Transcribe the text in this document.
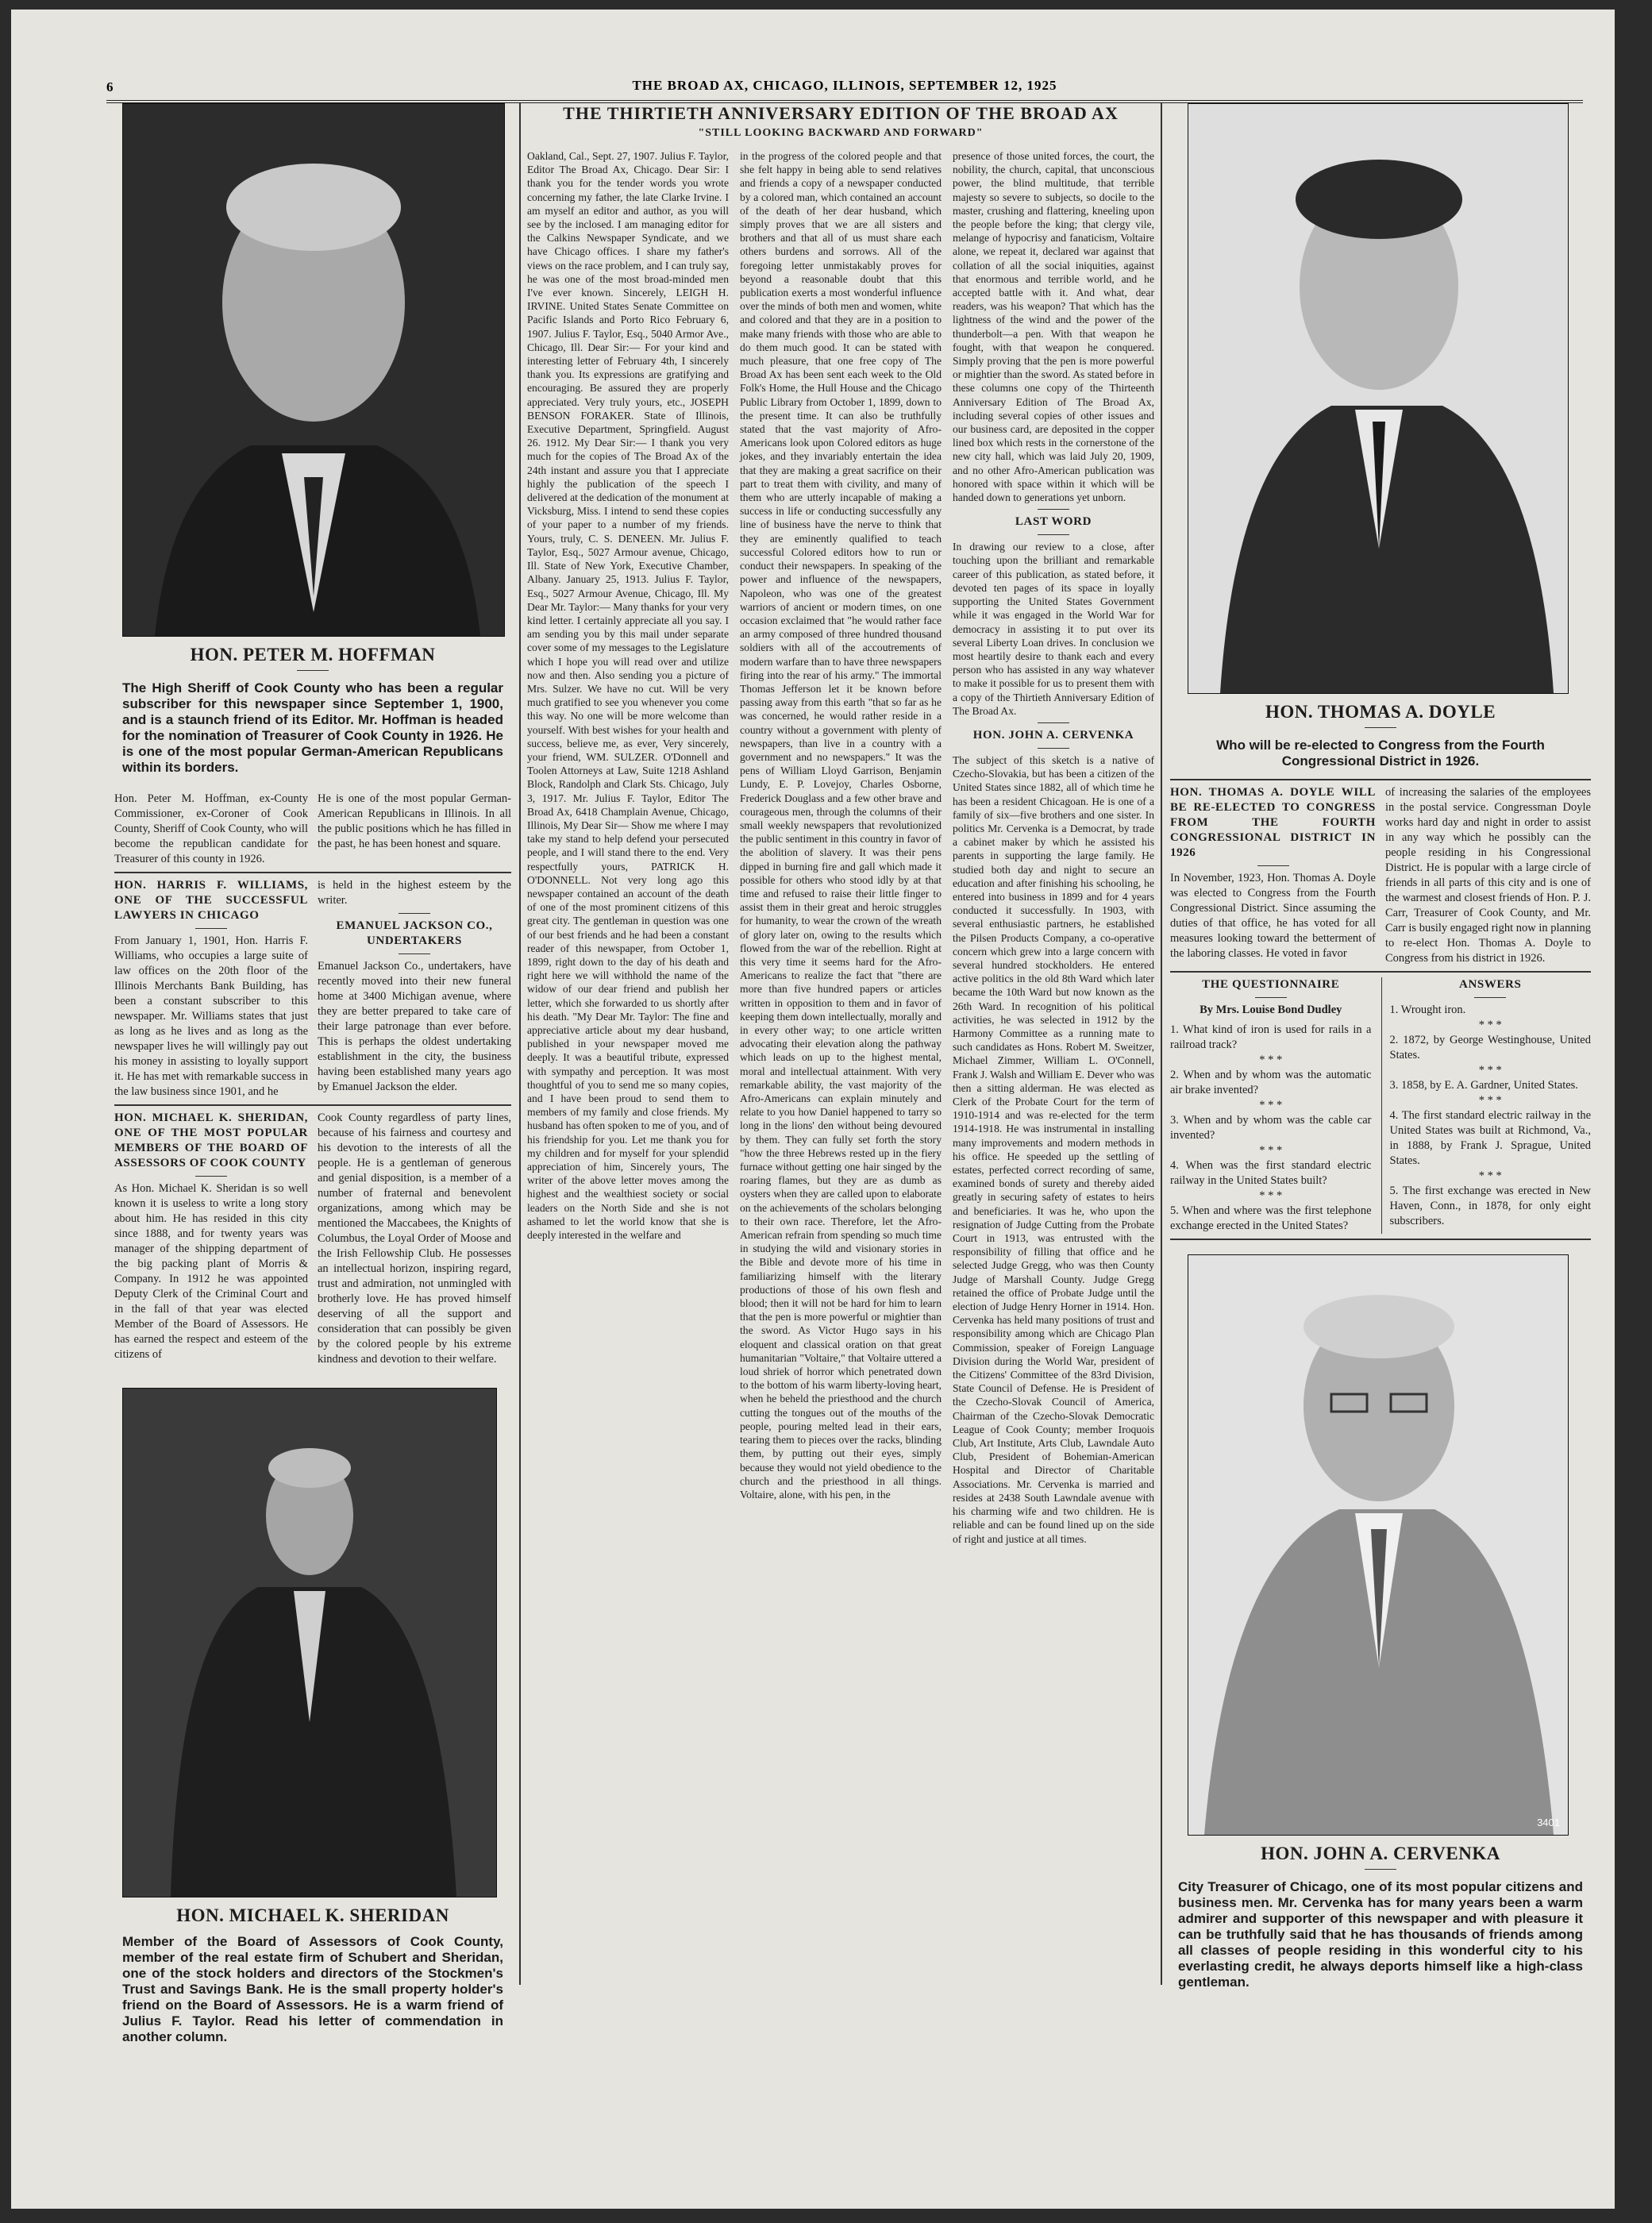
6	THE BROAD AX, CHICAGO, ILLINOIS, SEPTEMBER 12, 1925
HON. PETER M. HOFFMAN
The High Sheriff of Cook County who has been a regular subscriber for this newspaper since September 1, 1900, and is a staunch friend of its Editor. Mr. Hoffman is headed for the nomination of Treasurer of Cook County in 1926. He is one of the most popular German-American Republicans within its borders.
Hon. Peter M. Hoffman, ex-County Commissioner, ex-Coroner of Cook County, Sheriff of Cook County, who will become the republican candidate for Treasurer of this county in 1926.
He is one of the most popular German-American Republicans in Illinois. In all the public positions which he has filled in the past, he has been honest and square.
HON. HARRIS F. WILLIAMS, ONE OF THE SUCCESSFUL LAWYERS IN CHICAGO
From January 1, 1901, Hon. Harris F. Williams, who occupies a large suite of law offices on the 20th floor of the Illinois Merchants Bank Building, has been a constant subscriber to this newspaper. Mr. Williams states that just as long as he lives and as long as the newspaper lives he will willingly pay out his money in assisting to loyally support it. He has met with remarkable success in the law business since 1901, and he
is held in the highest esteem by the writer.
EMANUEL JACKSON CO., UNDERTAKERS
Emanuel Jackson Co., undertakers, have recently moved into their new funeral home at 3400 Michigan avenue, where they are better prepared to take care of their large patronage than ever before. This is perhaps the oldest undertaking establishment in the city, the business having been established many years ago by Emanuel Jackson the elder.
HON. MICHAEL K. SHERIDAN, ONE OF THE MOST POPULAR MEMBERS OF THE BOARD OF ASSESSORS OF COOK COUNTY
As Hon. Michael K. Sheridan is so well known it is useless to write a long story about him. He has resided in this city since 1888, and for twenty years was manager of the shipping department of the big packing plant of Morris & Company. In 1912 he was appointed Deputy Clerk of the Criminal Court and in the fall of that year was elected Member of the Board of Assessors. He has earned the respect and esteem of the citizens of
Cook County regardless of party lines, because of his fairness and courtesy and his devotion to the interests of all the people. He is a gentleman of generous and genial disposition, is a member of a number of fraternal and benevolent organizations, among which may be mentioned the Maccabees, the Knights of Columbus, the Loyal Order of Moose and the Irish Fellowship Club. He possesses an intellectual horizon, inspiring regard, trust and admiration, not unmingled with brotherly love. He has proved himself deserving of all the support and consideration that can possibly be given by the colored people by his extreme kindness and devotion to their welfare.
HON. MICHAEL K. SHERIDAN
Member of the Board of Assessors of Cook County, member of the real estate firm of Schubert and Sheridan, one of the stock holders and directors of the Stockmen's Trust and Savings Bank. He is the small property holder's friend on the Board of Assessors. He is a warm friend of Julius F. Taylor. Read his letter of commendation in another column.
THE THIRTIETH ANNIVERSARY EDITION OF THE BROAD AX
"STILL LOOKING BACKWARD AND FORWARD"
Oakland, Cal., Sept. 27, 1907. Julius F. Taylor, Editor The Broad Ax, Chicago. Dear Sir: I thank you for the tender words you wrote concerning my father, the late Clarke Irvine. I am myself an editor and author, as you will see by the inclosed. I am managing editor for the Calkins Newspaper Syndicate, and we have Chicago offices. I share my father's views on the race problem, and I can truly say, he was one of the most broad-minded men I've ever known. Sincerely, LEIGH H. IRVINE. United States Senate Committee on Pacific Islands and Porto Rico February 6, 1907. Julius F. Taylor, Esq., 5040 Armor Ave., Chicago, Ill. Dear Sir:— For your kind and interesting letter of February 4th, I sincerely thank you. Its expressions are gratifying and encouraging. Be assured they are properly appreciated. Very truly yours, etc., JOSEPH BENSON FORAKER. State of Illinois, Executive Department, Springfield. August 26. 1912. My Dear Sir:— I thank you very much for the copies of The Broad Ax of the 24th instant and assure you that I appreciate highly the publication of the speech I delivered at the dedication of the monument at Vicksburg, Miss. I intend to send these copies of your paper to a number of my friends. Yours, truly, C. S. DENEEN. Mr. Julius F. Taylor, Esq., 5027 Armour avenue, Chicago, Ill. State of New York, Executive Chamber, Albany. January 25, 1913. Julius F. Taylor, Esq., 5027 Armour Avenue, Chicago, Ill. My Dear Mr. Taylor:— Many thanks for your very kind letter. I certainly appreciate all you say. I am sending you by this mail under separate cover some of my messages to the Legislature which I hope you will read over and utilize now and then. Also sending you a picture of Mrs. Sulzer. We have no cut. Will be very much gratified to see you whenever you come this way. No one will be more welcome than yourself. With best wishes for your health and success, believe me, as ever, Very sincerely, your friend, WM. SULZER. O'Donnell and Toolen Attorneys at Law, Suite 1218 Ashland Block, Randolph and Clark Sts. Chicago, July 3, 1917. Mr. Julius F. Taylor, Editor The Broad Ax, 6418 Champlain Avenue, Chicago, Illinois, My Dear Sir— Show me where I may take my stand to help defend your persecuted people, and I will stand there to the end. Very respectfully yours, PATRICK H. O'DONNELL. Not very long ago this newspaper contained an account of the death of one of the most prominent citizens of this great city. The gentleman in question was one of our best friends and he had been a constant reader of this newspaper, from October 1, 1899, right down to the day of his death and right here we will withhold the name of the widow of our dear friend and publish her letter, which she forwarded to us shortly after his death. "My Dear Mr. Taylor: The fine and appreciative article about my dear husband, published in your newspaper moved me deeply. It was a beautiful tribute, expressed with sympathy and perception. It was most thoughtful of you to send me so many copies, and I have been proud to send them to members of my family and close friends. My husband has often spoken to me of you, and of his friendship for you. Let me thank you for my children and for myself for your splendid appreciation of him, Sincerely yours, The writer of the above letter moves among the highest and the wealthiest society or social leaders on the North Side and she is not ashamed to let the world know that she is deeply interested in the welfare and
in the progress of the colored people and that she felt happy in being able to send relatives and friends a copy of a newspaper conducted by a colored man, which contained an account of the death of her dear husband, which simply proves that we are all sisters and brothers and that all of us must share each others burdens and sorrows. All of the foregoing letter unmistakably proves for beyond a reasonable doubt that this publication exerts a most wonderful influence over the minds of both men and women, white and colored and that they are in a position to make many friends with those who are able to do them much good. It can be stated with much pleasure, that one free copy of The Broad Ax has been sent each week to the Old Folk's Home, the Hull House and the Chicago Public Library from October 1, 1899, down to the present time. It can also be truthfully stated that the vast majority of Afro-Americans look upon Colored editors as huge jokes, and they invariably entertain the idea that they are making a great sacrifice on their part to treat them with civility, and many of them who are utterly incapable of making a success in life or conducting successfully any line of business have the nerve to think that they are eminently qualified to teach successful Colored editors how to run or conduct their newspapers. In speaking of the power and influence of the newspapers, Napoleon, who was one of the greatest warriors of ancient or modern times, on one occasion exclaimed that "he would rather face an army composed of three hundred thousand soldiers with all of the accoutrements of modern warfare than to have three newspapers firing into the rear of his army." The immortal Thomas Jefferson let it be known before passing away from this earth "that so far as he was concerned, he would rather reside in a country without a government with plenty of newspapers, than live in a country with a government and no newspapers." It was the pens of William Lloyd Garrison, Benjamin Lundy, E. P. Lovejoy, Charles Osborne, Frederick Douglass and a few other brave and courageous men, through the columns of their small weekly newspapers that revolutionized the public sentiment in this country in favor of the abolition of slavery. It was their pens dipped in burning fire and gall which made it possible for others who stood idly by at that time and refused to raise their little finger to assist them in their great and heroic struggles for humanity, to wear the crown of the wreath of glory later on, owing to the results which flowed from the war of the rebellion. Right at this very time it seems hard for the Afro-Americans to realize the fact that "there are more than five hundred papers or articles written in opposition to them and in favor of keeping them down intellectually, morally and in every other way; to one article written advocating their elevation along the pathway which leads on up to the highest mental, moral and intellectual attainment. With very remarkable ability, the vast majority of the Afro-Americans can explain minutely and relate to you how Daniel happened to tarry so long in the lions' den without being devoured by them. They can fully set forth the story "how the three Hebrews rested up in the fiery furnace without getting one hair singed by the roaring flames, but they are as dumb as oysters when they are called upon to elaborate on the achievements of the scholars belonging to their own race. Therefore, let the Afro-American refrain from spending so much time in studying the wild and visionary stories in the Bible and devote more of his time in familiarizing himself with the literary productions of those of his own flesh and blood; then it will not be hard for him to learn that the pen is more powerful or mightier than the sword. As Victor Hugo says in his eloquent and classical oration on that great humanitarian "Voltaire," that Voltaire uttered a loud shriek of horror which penetrated down to the bottom of his warm liberty-loving heart, when he beheld the priesthood and the church cutting the tongues out of the mouths of the people, pouring melted lead in their ears, tearing them to pieces over the racks, blinding them, by putting out their eyes, simply because they would not yield obedience to the church and the priesthood in all things. Voltaire, alone, with his pen, in the
presence of those united forces, the court, the nobility, the church, capital, that unconscious power, the blind multitude, that terrible majesty so severe to subjects, so docile to the master, crushing and flattering, kneeling upon the people before the king; that clergy vile, melange of hypocrisy and fanaticism, Voltaire alone, we repeat it, declared war against that collation of all the social iniquities, against that enormous and terrible world, and he accepted battle with it. And what, dear readers, was his weapon? That which has the lightness of the wind and the power of the thunderbolt—a pen. With that weapon he fought, with that weapon he conquered. Simply proving that the pen is more powerful or mightier than the sword. As stated before in these columns one copy of the Thirteenth Anniversary Edition of The Broad Ax, including several copies of other issues and our business card, are deposited in the copper lined box which rests in the cornerstone of the new city hall, which was laid July 20, 1909, and no other Afro-American publication was honored with space within it which will be handed down to generations yet unborn.
LAST WORD
In drawing our review to a close, after touching upon the brilliant and remarkable career of this publication, as stated before, it devoted ten pages of its space in loyally supporting the United States Government while it was engaged in the World War for democracy in assisting it to put over its several Liberty Loan drives. In conclusion we most heartily desire to thank each and every person who has assisted in any way whatever to make it possible for us to present them with a copy of the Thirtieth Anniversary Edition of The Broad Ax.
HON. JOHN A. CERVENKA
The subject of this sketch is a native of Czecho-Slovakia, but has been a citizen of the United States since 1882, all of which time he has been a resident Chicagoan. He is one of a family of six—five brothers and one sister. In politics Mr. Cervenka is a Democrat, by trade a cabinet maker by which he assisted his parents in supporting the large family. He studied both day and night to secure an education and after finishing his schooling, he entered into business in 1899 and for 4 years conducted it successfully. In 1903, with several enthusiastic partners, he established the Pilsen Products Company, a co-operative concern which grew into a large concern with several hundred stockholders. He entered active politics in the old 8th Ward which later became the 10th Ward but now known as the 26th Ward. In recognition of his political activities, he was selected in 1912 by the Harmony Committee as a running mate to such candidates as Hons. Robert M. Sweitzer, Michael Zimmer, William L. O'Connell, Frank J. Walsh and William E. Dever who was then a sitting alderman. He was elected as Clerk of the Probate Court for the term of 1910-1914 and was re-elected for the term 1914-1918. He was instrumental in installing many improvements and modern methods in his office. He speeded up the settling of estates, perfected correct recording of same, examined bonds of surety and thereby aided greatly in securing safety of estates to heirs and beneficiaries. It was he, who upon the resignation of Judge Cutting from the Probate Court in 1913, was entrusted with the responsibility of filling that office and he selected Judge Gregg, who was then County Judge of Marshall County. Judge Gregg retained the office of Probate Judge until the election of Judge Henry Horner in 1914. Hon. Cervenka has held many positions of trust and responsibility among which are Chicago Plan Commission, speaker of Foreign Language Division during the World War, president of the Citizens' Committee of the 83rd Division, State Council of Defense. He is President of the Czecho-Slovak Council of America, Chairman of the Czecho-Slovak Democratic League of Cook County; member Iroquois Club, Art Institute, Arts Club, Lawndale Auto Club, President of Bohemian-American Hospital and Director of Charitable Associations. Mr. Cervenka is married and resides at 2438 South Lawndale avenue with his charming wife and two children. He is reliable and can be found lined up on the side of right and justice at all times.
HON. THOMAS A. DOYLE
Who will be re-elected to Congress from the Fourth Congressional District in 1926.
HON. THOMAS A. DOYLE WILL BE RE-ELECTED TO CONGRESS FROM THE FOURTH CONGRESSIONAL DISTRICT IN 1926
In November, 1923, Hon. Thomas A. Doyle was elected to Congress from the Fourth Congressional District. Since assuming the duties of that office, he has voted for all measures looking toward the betterment of the laboring classes. He voted in favor
of increasing the salaries of the employees in the postal service. Congressman Doyle works hard day and night in order to assist in any way which he possibly can the people residing in his Congressional District. He is popular with a large circle of friends in all parts of this city and is one of the warmest and closest friends of Hon. P. J. Carr, Treasurer of Cook County, and Mr. Carr is busily engaged right now in planning to re-elect Hon. Thomas A. Doyle to Congress from his district in 1926.
THE QUESTIONNAIRE
By Mrs. Louise Bond Dudley
1. What kind of iron is used for rails in a railroad track?
* * *
2. When and by whom was the automatic air brake invented?
* * *
3. When and by whom was the cable car invented?
* * *
4. When was the first standard electric railway in the United States built?
* * *
5. When and where was the first telephone exchange erected in the United States?
ANSWERS
1. Wrought iron.
* * *
2. 1872, by George Westinghouse, United States.
* * *
3. 1858, by E. A. Gardner, United States.
* * *
4. The first standard electric railway in the United States was built at Richmond, Va., in 1888, by Frank J. Sprague, United States.
* * *
5. The first exchange was erected in New Haven, Conn., in 1878, for only eight subscribers.
3401
HON. JOHN A. CERVENKA
City Treasurer of Chicago, one of its most popular citizens and business men. Mr. Cervenka has for many years been a warm admirer and supporter of this newspaper and with pleasure it can be truthfully said that he has thousands of friends among all classes of people residing in this wonderful city to his everlasting credit, he always deports himself like a high-class gentleman.
